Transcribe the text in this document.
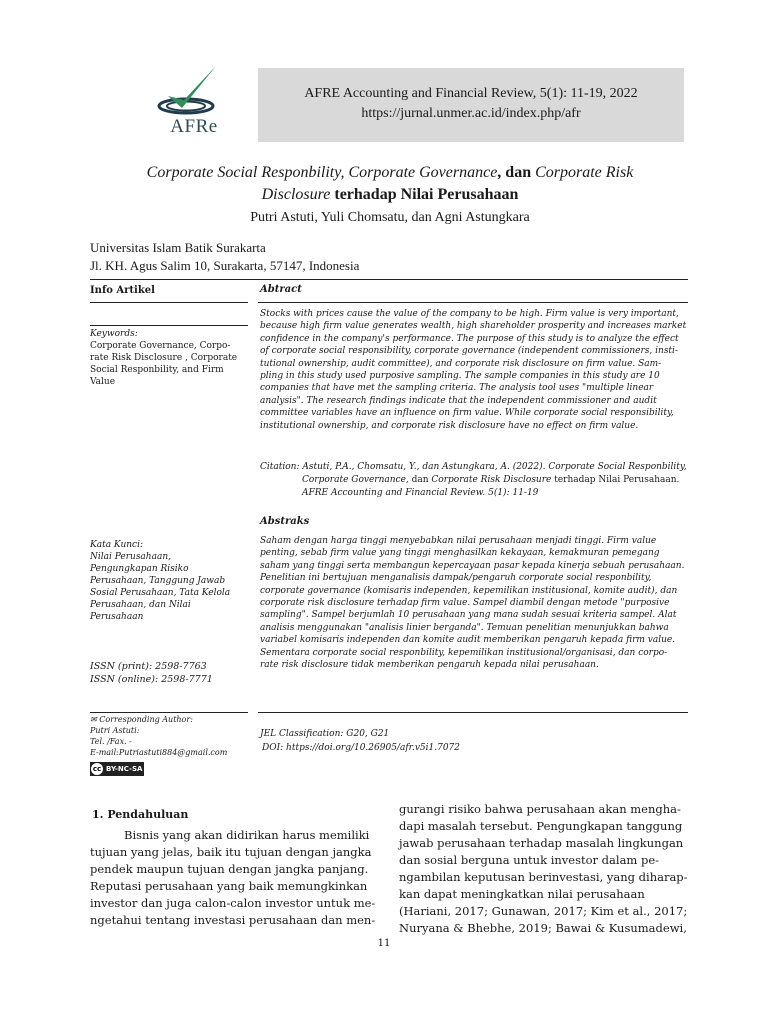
AFRe
AFRE Accounting and Financial Review, 5(1): 11-19, 2022
https://jurnal.unmer.ac.id/index.php/afr
Corporate Social Responbility, Corporate Governance, dan Corporate Risk
Disclosure terhadap Nilai Perusahaan
Putri Astuti, Yuli Chomsatu, dan Agni Astungkara
Universitas Islam Batik Surakarta
Jl. KH. Agus Salim 10, Surakarta, 57147, Indonesia
Info Artikel
Keywords:
Corporate Governance, Corpo-
rate Risk Disclosure , Corporate
Social Responbility, and Firm
Value
Kata Kunci:
Nilai Perusahaan,
Pengungkapan Risiko
Perusahaan, Tanggung Jawab
Sosial Perusahaan, Tata Kelola
Perusahaan, dan Nilai
Perusahaan
ISSN (print): 2598-7763
ISSN (online): 2598-7771
✉ Corresponding Author:
Putri Astuti:
Tel. /Fax. -
E-mail:Putriastuti884@gmail.com
cc BY-NC-SA
Abtract
Stocks with prices cause the value of the company to be high. Firm value is very important,
because high firm value generates wealth, high shareholder prosperity and increases market
confidence in the company's performance. The purpose of this study is to analyze the effect
of corporate social responsibility, corporate governance (independent commissioners, insti-
tutional ownership, audit committee), and corporate risk disclosure on firm value. Sam-
pling in this study used purposive sampling. The sample companies in this study are 10
companies that have met the sampling criteria. The analysis tool uses "multiple linear
analysis". The research findings indicate that the independent commissioner and audit
committee variables have an influence on firm value. While corporate social responsibility,
institutional ownership, and corporate risk disclosure have no effect on firm value.
Citation: Astuti, P.A., Chomsatu, Y., dan Astungkara, A. (2022). Corporate Social Responbility,
Corporate Governance, dan Corporate Risk Disclosure terhadap Nilai Perusahaan.
AFRE Accounting and Financial Review. 5(1): 11-19
Abstraks
Saham dengan harga tinggi menyebabkan nilai perusahaan menjadi tinggi. Firm value
penting, sebab firm value yang tinggi menghasilkan kekayaan, kemakmuran pemegang
saham yang tinggi serta membangun kepercayaan pasar kepada kinerja sebuah perusahaan.
Penelitian ini bertujuan menganalisis dampak/pengaruh corporate social responbility,
corporate governance (komisaris independen, kepemilikan institusional, komite audit), dan
corporate risk disclosure terhadap firm value. Sampel diambil dengan metode "purposive
sampling". Sampel berjumlah 10 perusahaan yang mana sudah sesuai kriteria sampel. Alat
analisis menggunakan "analisis linier berganda". Temuan penelitian menunjukkan bahwa
variabel komisaris independen dan komite audit memberikan pengaruh kepada firm value.
Sementara corporate social responbility, kepemilikan institusional/organisasi, dan corpo-
rate risk disclosure tidak memberikan pengaruh kepada nilai perusahaan.
JEL Classification: G20, G21
DOI: https://doi.org/10.26905/afr.v5i1.7072
1. Pendahuluan
Bisnis yang akan didirikan harus memiliki
tujuan yang jelas, baik itu tujuan dengan jangka
pendek maupun tujuan dengan jangka panjang.
Reputasi perusahaan yang baik memungkinkan
investor dan juga calon-calon investor untuk me-
ngetahui tentang investasi perusahaan dan men-
gurangi risiko bahwa perusahaan akan mengha-
dapi masalah tersebut. Pengungkapan tanggung
jawab perusahaan terhadap masalah lingkungan
dan sosial berguna untuk investor dalam pe-
ngambilan keputusan berinvestasi, yang diharap-
kan dapat meningkatkan nilai perusahaan
(Hariani, 2017; Gunawan, 2017; Kim et al., 2017;
Nuryana & Bhebhe, 2019; Bawai & Kusumadewi,
11
